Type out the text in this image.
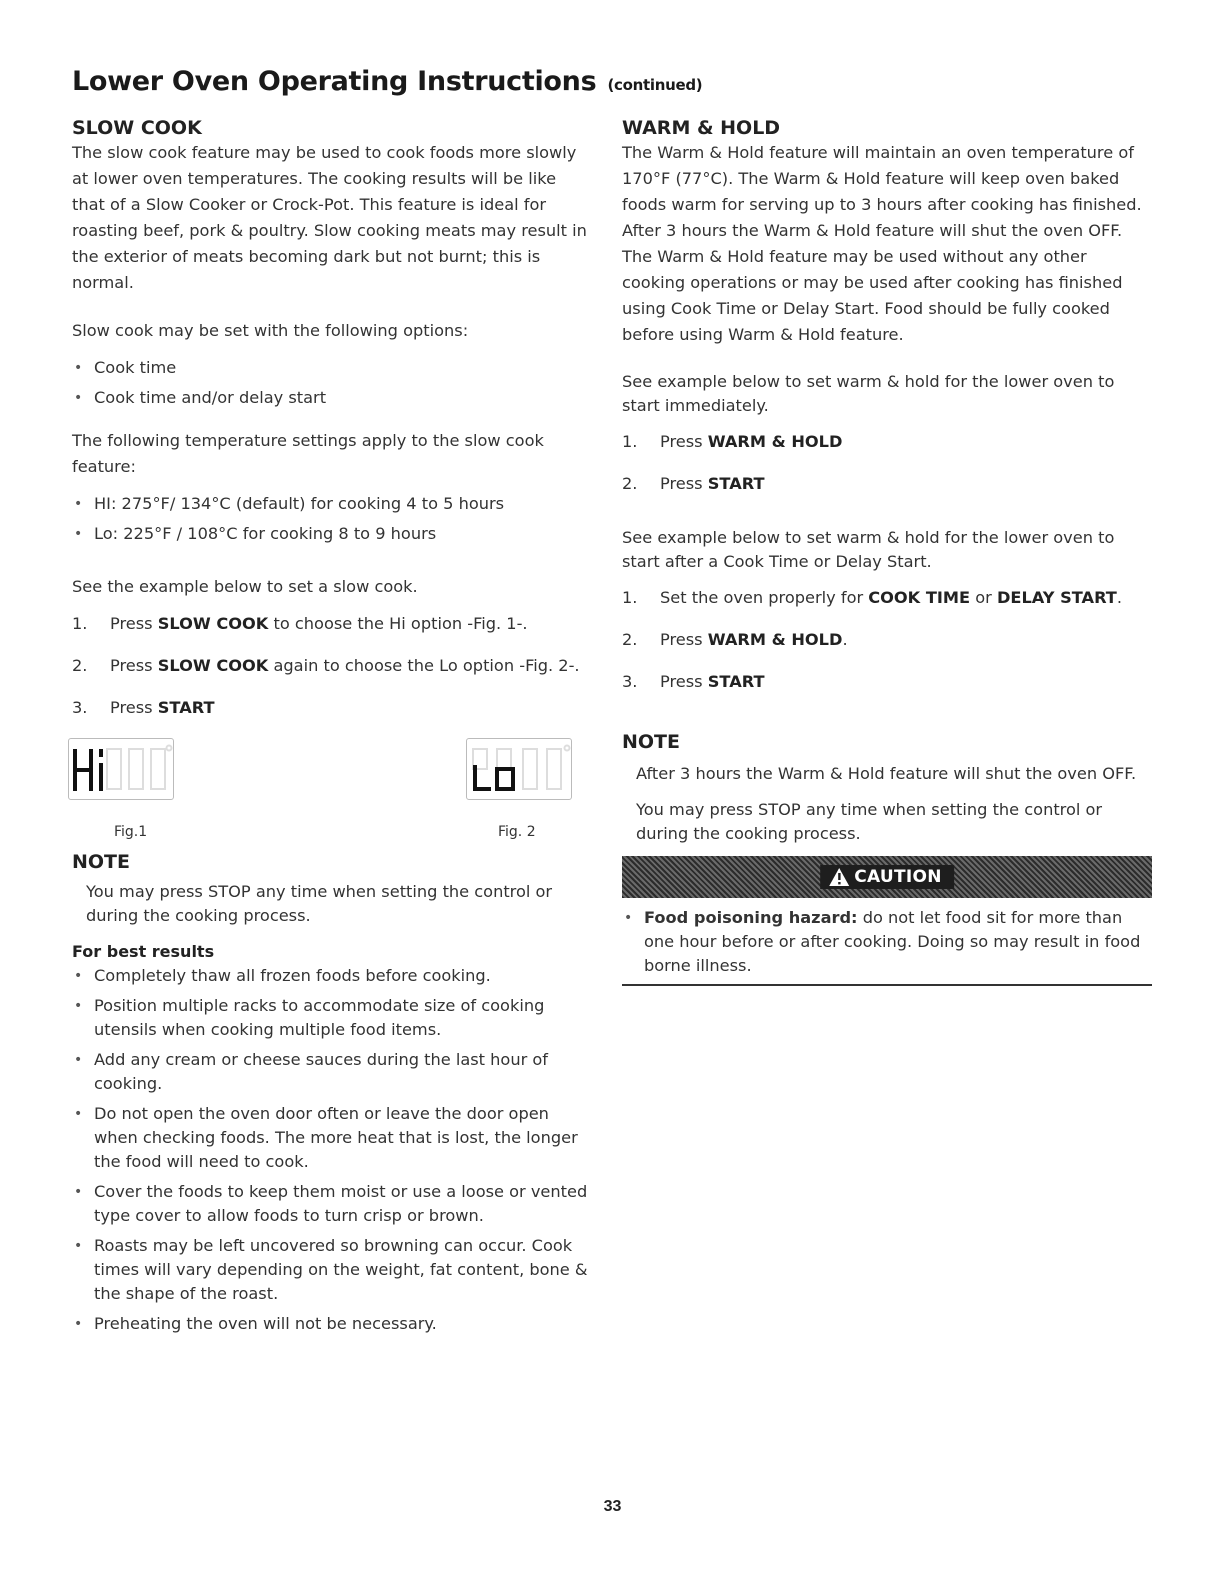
Lower Oven Operating Instructions (continued)
SLOW COOK

The slow cook feature may be used to cook foods more slowly at lower oven temperatures. The cooking results will be like that of a Slow Cooker or Crock-Pot. This feature is ideal for roasting beef, pork & poultry. Slow cooking meats may result in the exterior of meats becoming dark but not burnt; this is normal.

Slow cook may be set with the following options:

• Cook time
• Cook time and/or delay start

The following temperature settings apply to the slow cook feature:

• HI: 275°F/ 134°C (default) for cooking 4 to 5 hours
• Lo: 225°F / 108°C for cooking 8 to 9 hours

See the example below to set a slow cook.

1.	Press SLOW COOK to choose the Hi option -Fig. 1-.
2.	Press SLOW COOK again to choose the Lo option -Fig. 2-.
3.	Press START
Fig.1	Fig. 2
NOTE

You may press STOP any time when setting the control or during the cooking process.

For best results
• Completely thaw all frozen foods before cooking.
• Position multiple racks to accommodate size of cooking utensils when cooking multiple food items.
• Add any cream or cheese sauces during the last hour of cooking.
• Do not open the oven door often or leave the door open when checking foods. The more heat that is lost, the longer the food will need to cook.
• Cover the foods to keep them moist or use a loose or vented type cover to allow foods to turn crisp or brown.
• Roasts may be left uncovered so browning can occur. Cook times will vary depending on the weight, fat content, bone & the shape of the roast.
• Preheating the oven will not be necessary.
WARM & HOLD

The Warm & Hold feature will maintain an oven temperature of 170°F (77°C). The Warm & Hold feature will keep oven baked foods warm for serving up to 3 hours after cooking has finished. After 3 hours the Warm & Hold feature will shut the oven OFF. The Warm & Hold feature may be used without any other cooking operations or may be used after cooking has finished using Cook Time or Delay Start. Food should be fully cooked before using Warm & Hold feature.

See example below to set warm & hold for the lower oven to start immediately.

1.	Press WARM & HOLD
2.	Press START

See example below to set warm & hold for the lower oven to start after a Cook Time or Delay Start.

1.	Set the oven properly for COOK TIME or DELAY START.
2.	Press WARM & HOLD.
3.	Press START
NOTE

After 3 hours the Warm & Hold feature will shut the oven OFF.

You may press STOP any time when setting the control or during the cooking process.

CAUTION
• Food poisoning hazard: do not let food sit for more than one hour before or after cooking. Doing so may result in food borne illness.
33
